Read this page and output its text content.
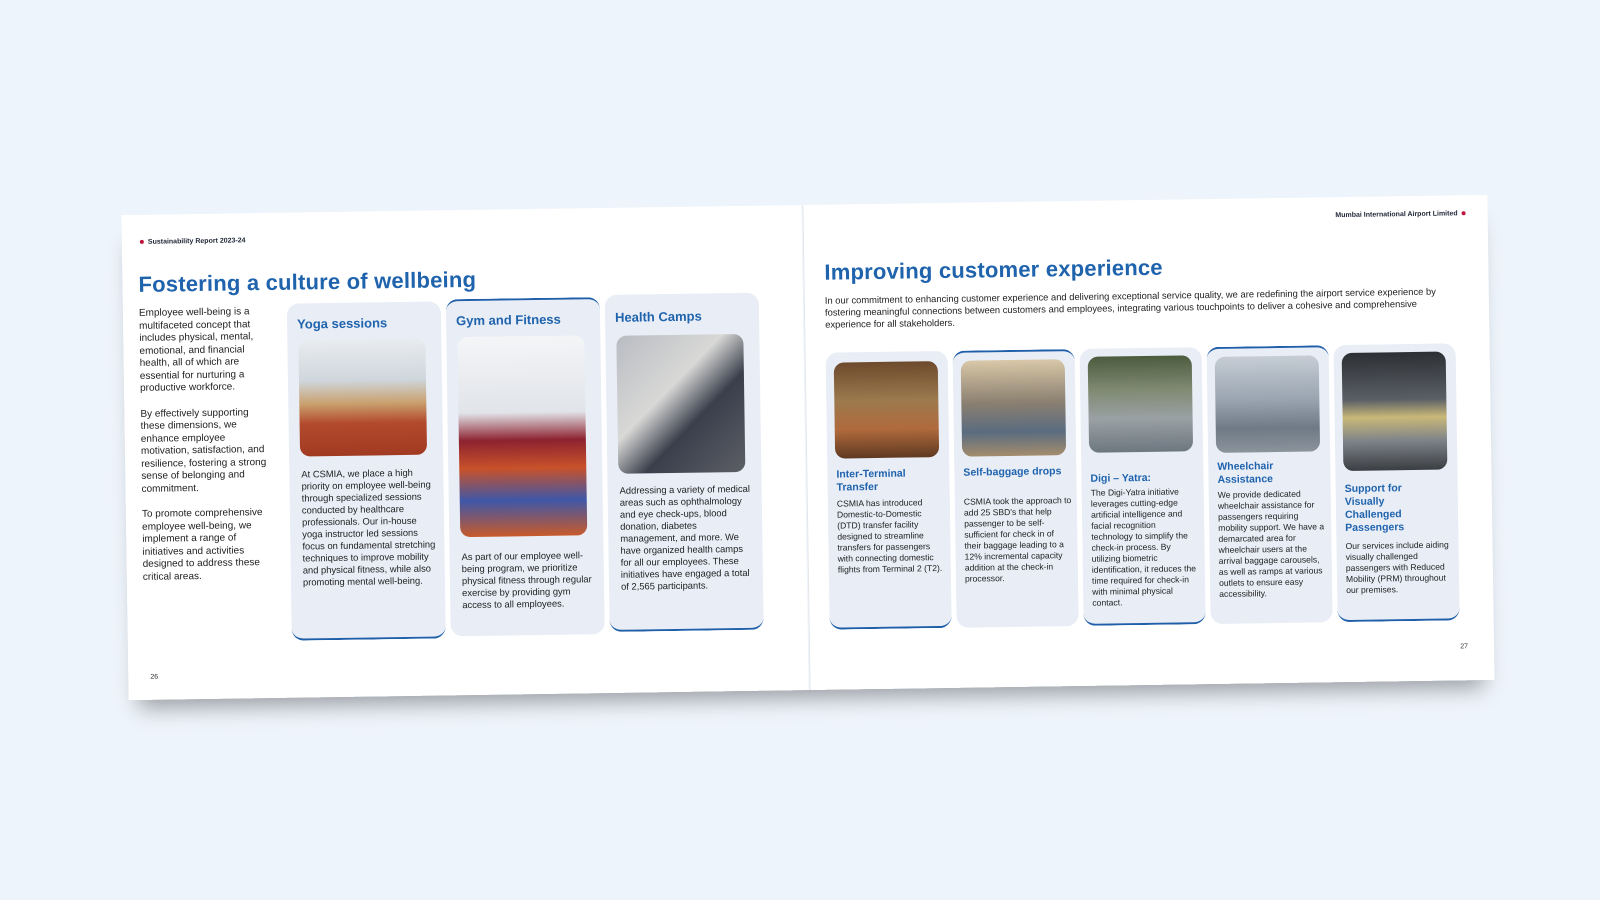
Sustainability Report 2023-24
Fostering a culture of wellbeing

Employee well-being is a multifaceted concept that includes physical, mental, emotional, and financial health, all of which are essential for nurturing a productive workforce.

By effectively supporting these dimensions, we enhance employee motivation, satisfaction, and resilience, fostering a strong sense of belonging and commitment.

To promote comprehensive employee well-being, we implement a range of initiatives and activities designed to address these critical areas.

Yoga sessions
At CSMIA, we place a high priority on employee well-being through specialized sessions conducted by healthcare professionals. Our in-house yoga instructor led sessions focus on fundamental stretching techniques to improve mobility and physical fitness, while also promoting mental well-being.
Gym and Fitness
As part of our employee well-being program, we prioritize physical fitness through regular exercise by providing gym access to all employees.
Health Camps
Addressing a variety of medical areas such as ophthalmology and eye check-ups, blood donation, diabetes management, and more. We have organized health camps for all our employees. These initiatives have engaged a total of 2,565 participants.
26
Mumbai International Airport Limited
Improving customer experience
In our commitment to enhancing customer experience and delivering exceptional service quality, we are redefining the airport service experience by fostering meaningful connections between customers and employees, integrating various touchpoints to deliver a cohesive and comprehensive experience for all stakeholders.
Inter-Terminal Transfer
CSMIA has introduced Domestic-to-Domestic (DTD) transfer facility designed to streamline transfers for passengers with connecting domestic flights from Terminal 2 (T2).
Self-baggage drops
CSMIA took the approach to add 25 SBD's that help passenger to be self-sufficient for check in of their baggage leading to a 12% incremental capacity addition at the check-in processor.
Digi – Yatra:
The Digi-Yatra initiative leverages cutting-edge artificial intelligence and facial recognition technology to simplify the check-in process. By utilizing biometric identification, it reduces the time required for check-in with minimal physical contact.
Wheelchair Assistance
We provide dedicated wheelchair assistance for passengers requiring mobility support. We have a demarcated area for wheelchair users at the arrival baggage carousels, as well as ramps at various outlets to ensure easy accessibility.
Support for Visually Challenged Passengers
Our services include aiding visually challenged passengers with Reduced Mobility (PRM) throughout our premises.
27
